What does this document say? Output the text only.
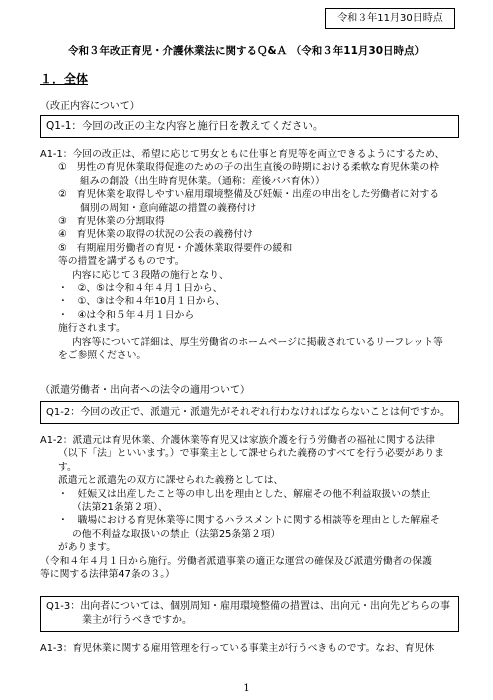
令和３年11月30日時点
令和３年改正育児・介護休業法に関するＱ&Ａ （令和３年11月30日時点）
１．全体
（改正内容について）
Q1-1：今回の改正の主な内容と施行日を教えてください。

A1-1：今回の改正は、希望に応じて男女ともに仕事と育児等を両立できるようにするため、

①　男性の育児休業取得促進のための子の出生直後の時期における柔軟な育児休業の枠

組みの創設（出生時育児休業。（通称：産後パパ育休））

②　育児休業を取得しやすい雇用環境整備及び妊娠・出産の申出をした労働者に対する

個別の周知・意向確認の措置の義務付け

③　育児休業の分割取得

④　育児休業の取得の状況の公表の義務付け

⑤　有期雇用労働者の育児・介護休業取得要件の緩和

等の措置を講ずるものです。

内容に応じて３段階の施行となり、

・　②、⑤は令和４年４月１日から、

・　①、③は令和４年10月１日から、

・　④は令和５年４月１日から

施行されます。

内容等について詳細は、厚生労働省のホームページに掲載されているリーフレット等

をご参照ください。

（派遣労働者・出向者への法令の適用ついて）
Q1-2：今回の改正で、派遣元・派遣先がそれぞれ行わなければならないことは何ですか。

A1-2：派遣元は育児休業、介護休業等育児又は家族介護を行う労働者の福祉に関する法律

（以下「法」といいます。）で事業主として課せられた義務のすべてを行う必要がありま

す。

派遣元と派遣先の双方に課せられた義務としては、

・　妊娠又は出産したこと等の申し出を理由とした、解雇その他不利益取扱いの禁止

（法第21条第２項）、

・　職場における育児休業等に関するハラスメントに関する相談等を理由とした解雇そ

の他不利益な取扱いの禁止（法第25条第２項）

があります。

（令和４年４月１日から施行。労働者派遣事業の適正な運営の確保及び派遣労働者の保護

等に関する法律第47条の３。）

Q1-3：出向者については、個別周知・雇用環境整備の措置は、出向元・出向先どちらの事
業主が行うべきですか。

A1-3：育児休業に関する雇用管理を行っている事業主が行うべきものです。なお、育児休

1
